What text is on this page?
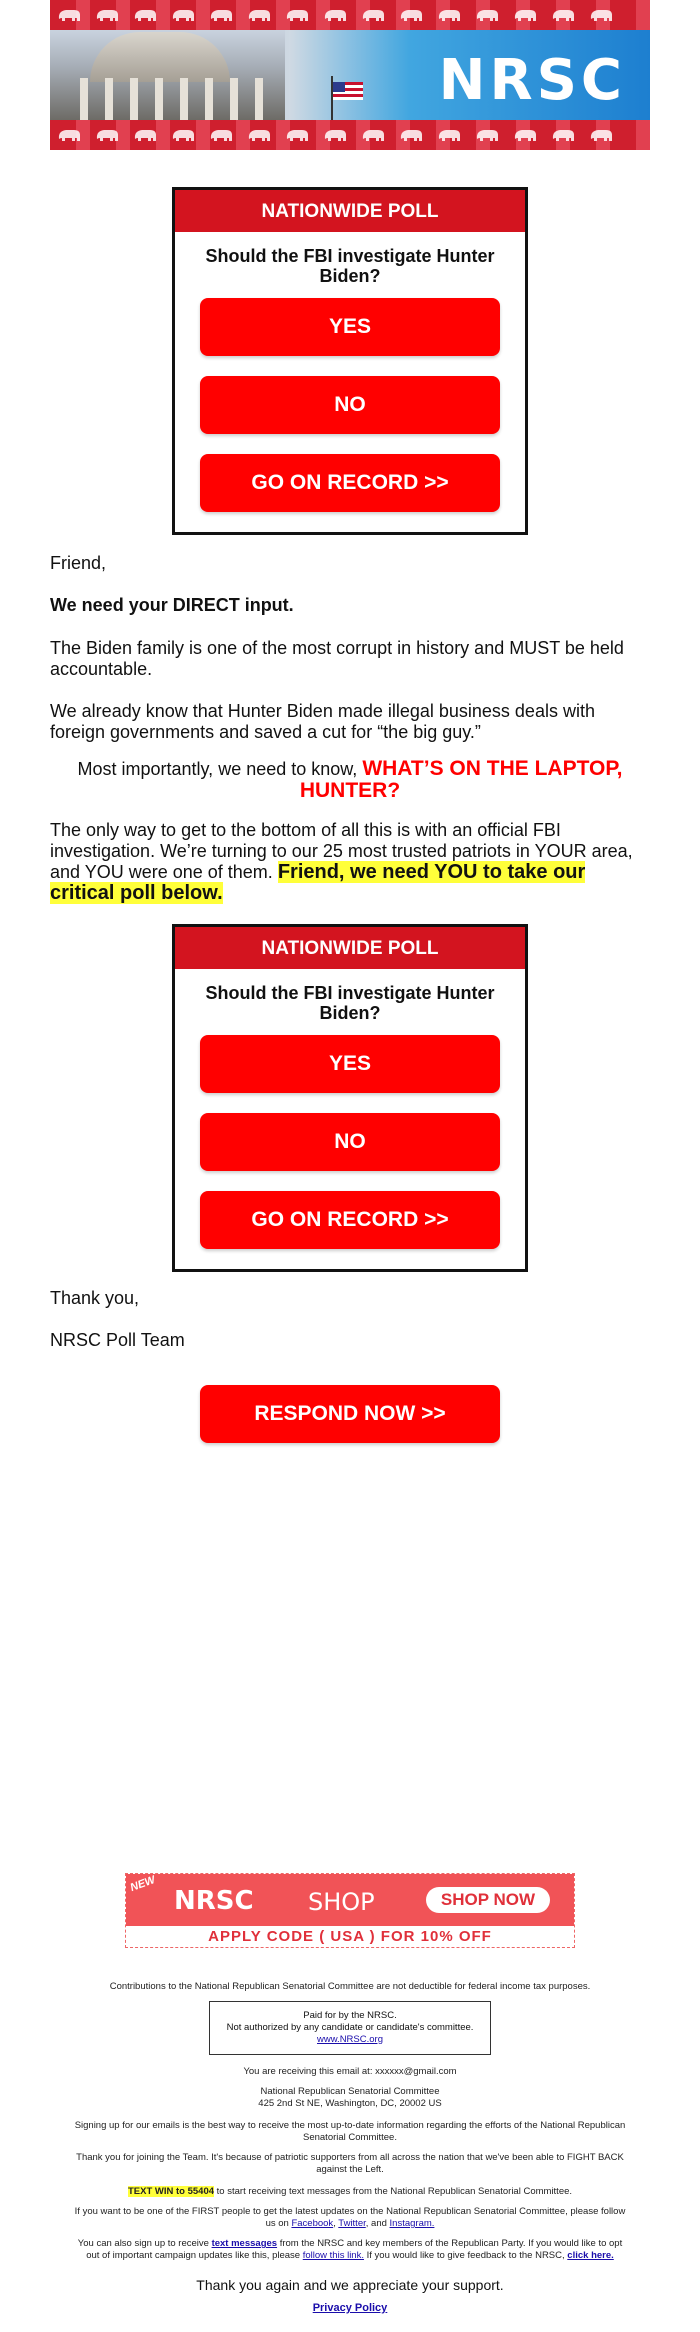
NRSC
NATIONWIDE POLL
Should the FBI investigate Hunter Biden?
YES
NO
GO ON RECORD >>
Friend,
We need your DIRECT input.
The Biden family is one of the most corrupt in history and MUST be held accountable.
We already know that Hunter Biden made illegal business deals with foreign governments and saved a cut for “the big guy.”
Most importantly, we need to know, WHAT’S ON THE LAPTOP, HUNTER?
The only way to get to the bottom of all this is with an official FBI investigation. We’re turning to our 25 most trusted patriots in YOUR area, and YOU were one of them. Friend, we need YOU to take our critical poll below.
NATIONWIDE POLL
Should the FBI investigate Hunter Biden?
YES
NO
GO ON RECORD >>
Thank you,
NRSC Poll Team
RESPOND NOW >>
NEW
NRSC SHOP	SHOP NOW
APPLY CODE ( USA ) FOR 10% OFF
Contributions to the National Republican Senatorial Committee are not deductible for federal income tax purposes.
Paid for by the NRSC.
Not authorized by any candidate or candidate's committee.
www.NRSC.org
You are receiving this email at: xxxxxx@gmail.com
National Republican Senatorial Committee
425 2nd St NE, Washington, DC, 20002 US
Signing up for our emails is the best way to receive the most up-to-date information regarding the efforts of the National Republican Senatorial Committee.
Thank you for joining the Team. It's because of patriotic supporters from all across the nation that we've been able to FIGHT BACK against the Left.
TEXT WIN to 55404 to start receiving text messages from the National Republican Senatorial Committee.
If you want to be one of the FIRST people to get the latest updates on the National Republican Senatorial Committee, please follow us on Facebook, Twitter, and Instagram.
You can also sign up to receive text messages from the NRSC and key members of the Republican Party. If you would like to opt out of important campaign updates like this, please follow this link. If you would like to give feedback to the NRSC, click here.
Thank you again and we appreciate your support.
Privacy Policy
